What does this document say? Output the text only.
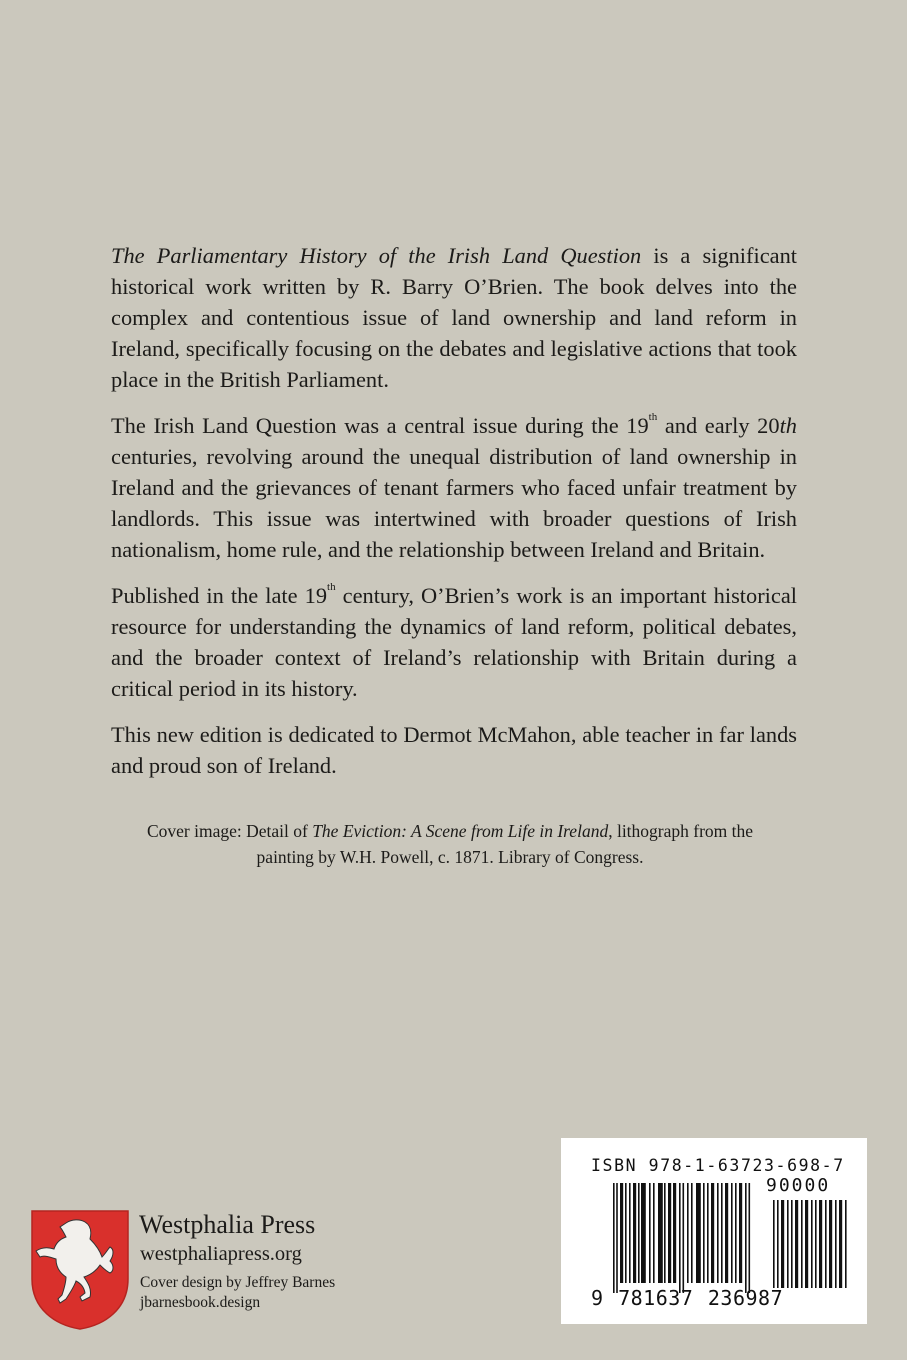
The Parliamentary History of the Irish Land Question is a significant historical work written by R. Barry O’Brien. The book delves into the complex and contentious issue of land ownership and land reform in Ireland, specifically focusing on the debates and legislative actions that took place in the British Parliament.

The Irish Land Question was a central issue during the 19th and early 20th centuries, revolving around the unequal distribution of land ownership in Ireland and the grievances of tenant farmers who faced unfair treatment by landlords. This issue was intertwined with broader questions of Irish nationalism, home rule, and the relationship between Ireland and Britain.

Published in the late 19th century, O’Brien’s work is an important historical resource for understanding the dynamics of land reform, political debates, and the broader context of Ireland’s relationship with Britain during a critical period in its history.

This new edition is dedicated to Dermot McMahon, able teacher in far lands and proud son of Ireland.

Cover image: Detail of The Eviction: A Scene from Life in Ireland, lithograph from the
painting by W.H. Powell, c. 1871. Library of Congress.
Westphalia Press
westphaliapress.org
Cover design by Jeffrey Barnes
jbarnesbook.design
ISBN 978-1-63723-698-7
90000
9 781637 236987
